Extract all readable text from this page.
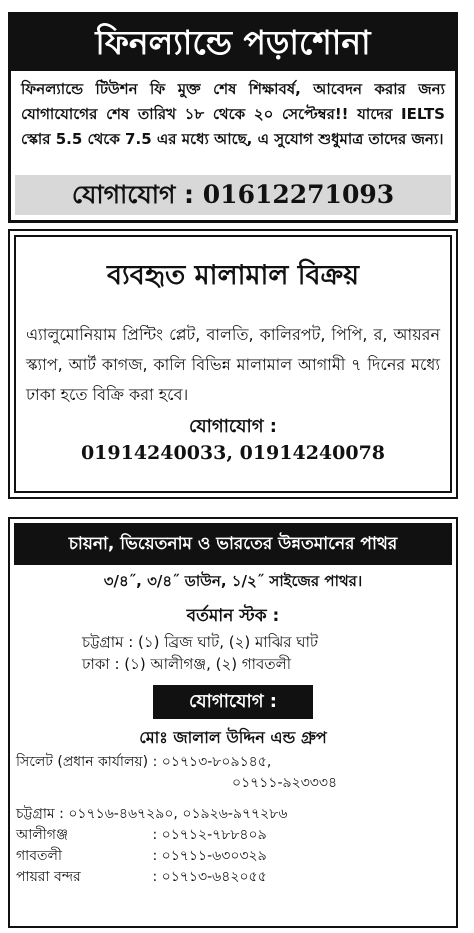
ফিনল্যান্ডে পড়াশোনা
ফিনল্যান্ডে টিউশন ফি মুক্ত শেষ শিক্ষাবর্ষ, আবেদন করার জন্য যোগাযোগের শেষ তারিখ ১৮ থেকে ২০ সেপ্টেম্বর!! যাদের IELTS স্কোর 5.5 থেকে 7.5 এর মধ্যে আছে, এ সুযোগ শুধুমাত্র তাদের জন্য।
যোগাযোগ : 01612271093
ব্যবহৃত মালামাল বিক্রয়
এ্যালুমোনিয়াম প্রিন্টিং প্লেট, বালতি, কালিরপট, পিপি, র, আয়রন স্ক্যাপ, আর্ট কাগজ, কালি বিভিন্ন মালামাল আগামী ৭ দিনের মধ্যে ঢাকা হতে বিক্রি করা হবে।
যোগাযোগ :
01914240033, 01914240078
চায়না, ভিয়েতনাম ও ভারতের উন্নতমানের পাথর
৩/৪˝, ৩/৪˝ ডাউন, ১/২˝ সাইজের পাথর।
বর্তমান স্টক :
চট্টগ্রাম : (১) ব্রিজ ঘাট, (২) মাঝির ঘাট
ঢাকা : (১) আলীগঞ্জ, (২) গাবতলী
যোগাযোগ :
মোঃ জালাল উদ্দিন এন্ড গ্রুপ
সিলেট (প্রধান কার্যালয়) : ০১৭১৩-৮০৯১৪৫,
০১৭১১-৯২৩৩৩৪
চট্টগ্রাম : ০১৭১৬-৪৬৭২৯০, ০১৯২৬-৯৭৭২৮৬
আলীগঞ্জ	: ০১৭১২-৭৮৮৪০৯
গাবতলী	: ০১৭১১-৬৩০৩২৯
পায়রা বন্দর	: ০১৭১৩-৬৪২০৫৫
